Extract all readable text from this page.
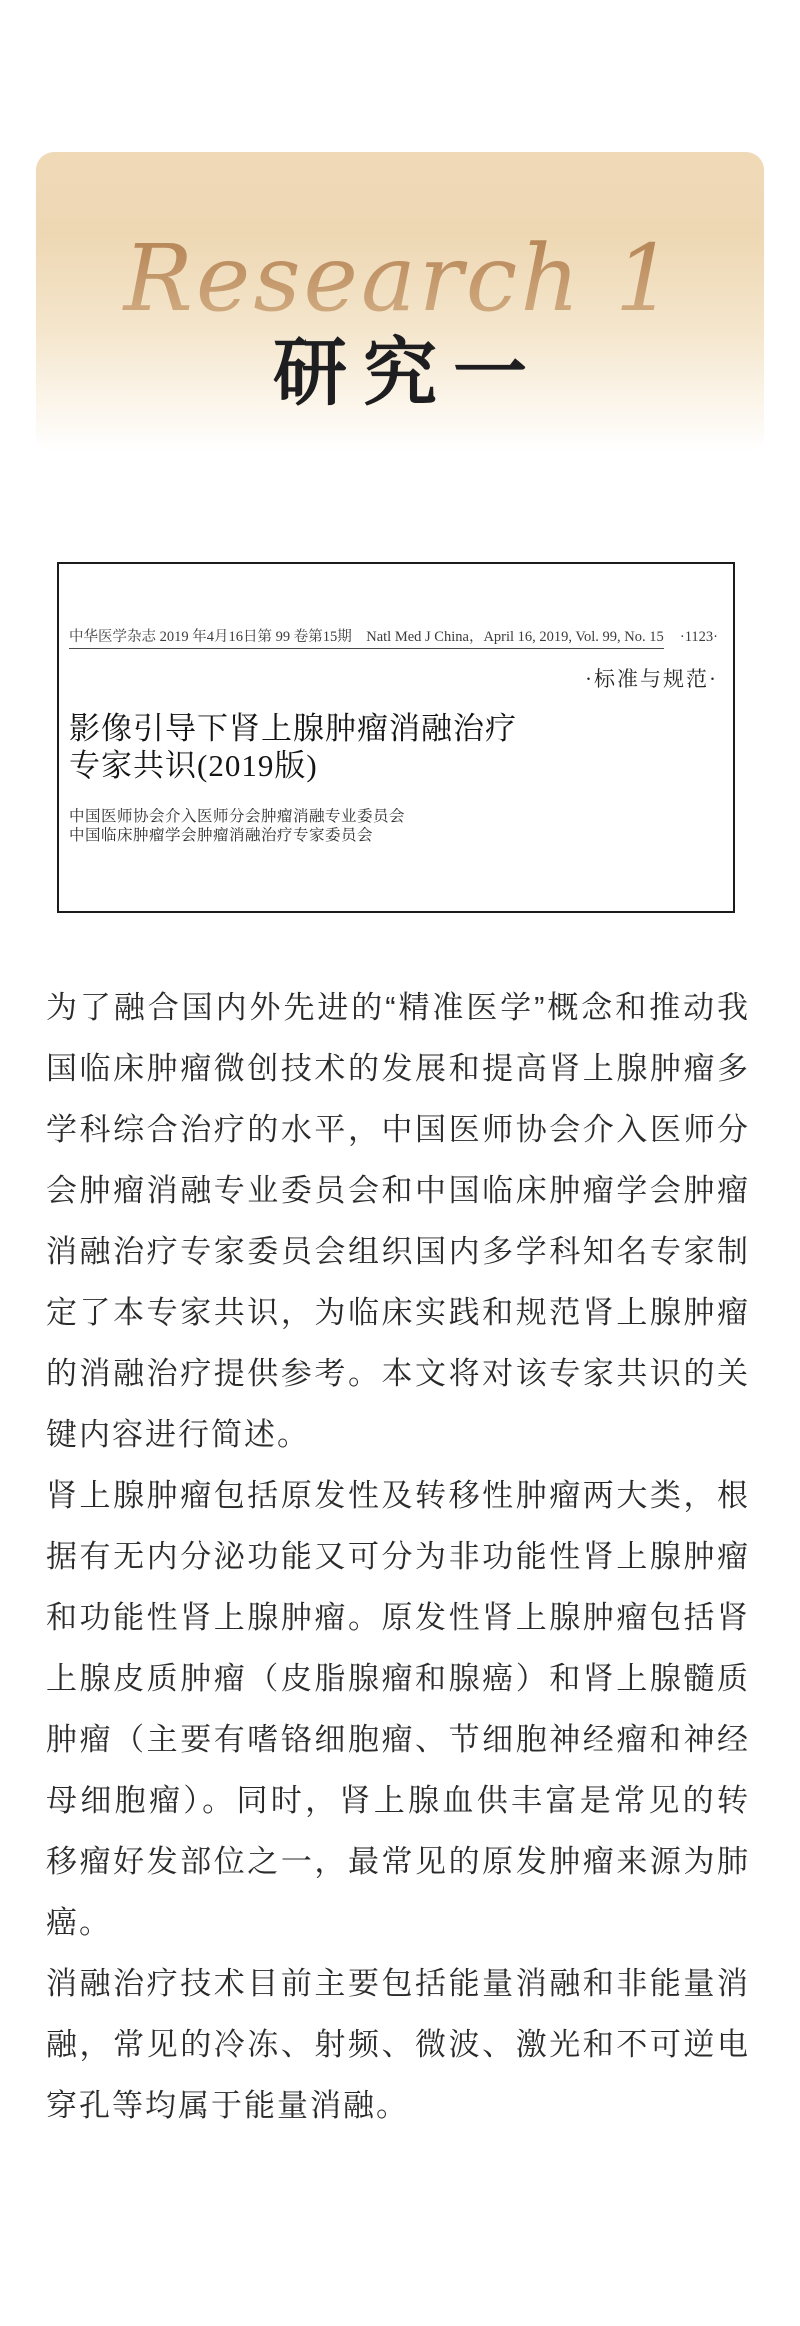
Research 1
研究一
中华医学杂志 2019 年4月16日第 99 卷第15期　Natl Med J China，April 16, 2019, Vol. 99, No. 15	·1123·
·标准与规范·
影像引导下肾上腺肿瘤消融治疗
专家共识(2019版)
中国医师协会介入医师分会肿瘤消融专业委员会
中国临床肿瘤学会肿瘤消融治疗专家委员会

为了融合国内外先进的“精准医学”概念和推动我国临床肿瘤微创技术的发展和提高肾上腺肿瘤多学科综合治疗的水平，中国医师协会介入医师分会肿瘤消融专业委员会和中国临床肿瘤学会肿瘤消融治疗专家委员会组织国内多学科知名专家制定了本专家共识，为临床实践和规范肾上腺肿瘤的消融治疗提供参考。本文将对该专家共识的关键内容进行简述。

肾上腺肿瘤包括原发性及转移性肿瘤两大类，根据有无内分泌功能又可分为非功能性肾上腺肿瘤和功能性肾上腺肿瘤。原发性肾上腺肿瘤包括肾上腺皮质肿瘤（皮脂腺瘤和腺癌）和肾上腺髓质肿瘤（主要有嗜铬细胞瘤、节细胞神经瘤和神经母细胞瘤）。同时，肾上腺血供丰富是常见的转移瘤好发部位之一，最常见的原发肿瘤来源为肺癌。

消融治疗技术目前主要包括能量消融和非能量消融，常见的冷冻、射频、微波、激光和不可逆电穿孔等均属于能量消融。
